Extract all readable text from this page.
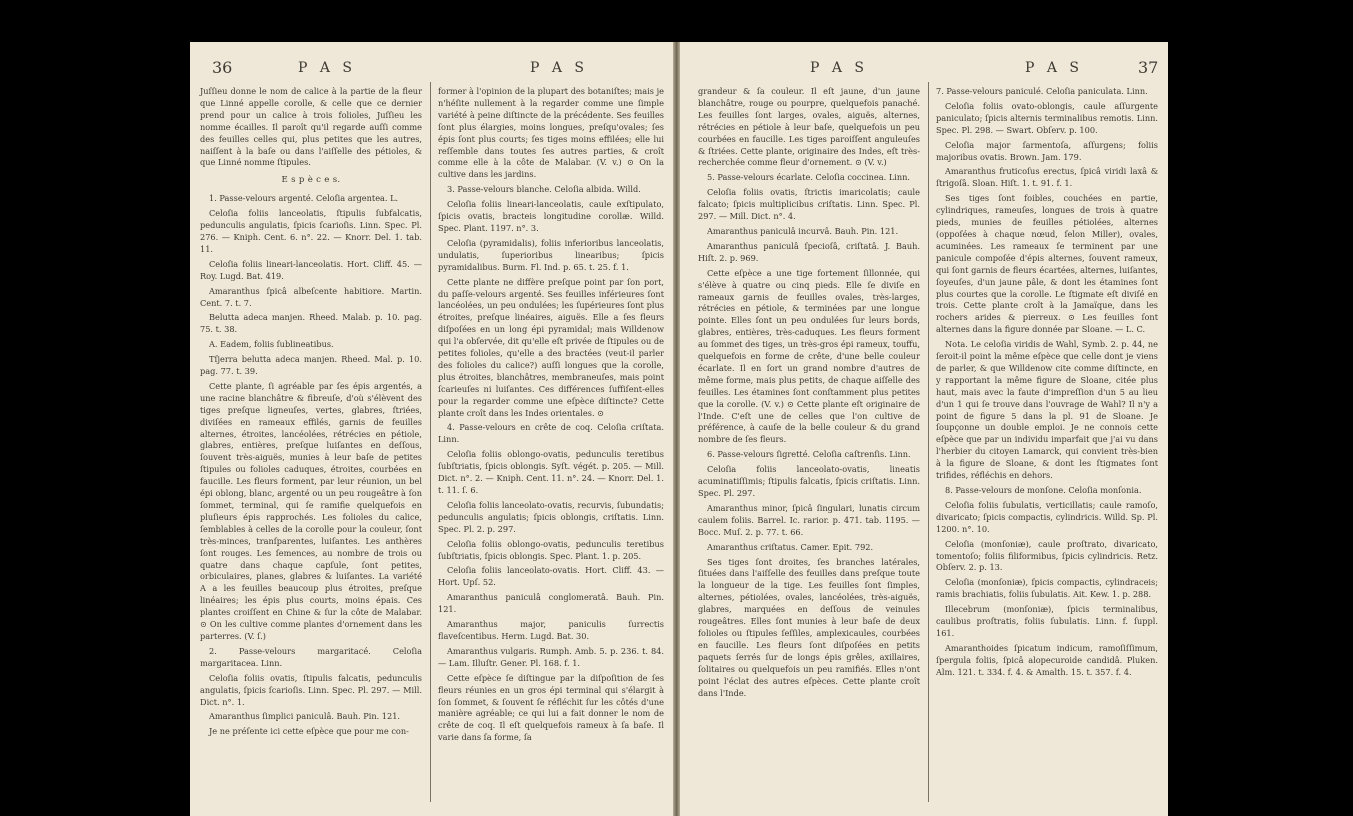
36	P A S	P A S

Juſſieu donne le nom de calice à la partie de la fleur que Linné appelle corolle, & celle que ce dernier prend pour un calice à trois folioles, Juſſieu les nomme écailles. Il paroît qu'il regarde auſſi comme des feuilles celles qui, plus petites que les autres, naiſſent à la baſe ou dans l'aiſſelle des pétioles, & que Linné nomme ſtipules.

E s p è c e s.

1. Passe-velours argenté. Celoſia argentea. L.

Celoſia foliis lanceolatis, ſtipulis ſubfalcatis, pedunculis angulatis, ſpicis ſcarioſis. Linn. Spec. Pl. 276. — Kniph. Cent. 6. n°. 22. — Knorr. Del. 1. tab. 11.

Celoſia foliis lineari-lanceolatis. Hort. Cliff. 45. — Roy. Lugd. Bat. 419.

Amaranthus ſpicâ albeſcente habitiore. Martin. Cent. 7. t. 7.

Belutta adeca manjen. Rheed. Malab. p. 10. pag. 75. t. 38.

A. Eadem, foliis ſublineatibus.

Tſjerra belutta adeca manjen. Rheed. Mal. p. 10. pag. 77. t. 39.

Cette plante, ſi agréable par ſes épis argentés, a une racine blanchâtre & fibreuſe, d'où s'élèvent des tiges preſque ligneuſes, vertes, glabres, ſtriées, diviſées en rameaux effilés, garnis de feuilles alternes, étroites, lancéolées, rétrécies en pétiole, glabres, entières, preſque luiſantes en deſſous, ſouvent très-aiguës, munies à leur baſe de petites ſtipules ou folioles caduques, étroites, courbées en faucille. Les fleurs forment, par leur réunion, un bel épi oblong, blanc, argenté ou un peu rougeâtre à ſon ſommet, terminal, qui ſe ramifie quelquefois en pluſieurs épis rapprochés. Les folioles du calice, ſemblables à celles de la corolle pour la couleur, ſont très-minces, tranſparentes, luiſantes. Les anthères ſont rouges. Les ſemences, au nombre de trois ou quatre dans chaque capſule, ſont petites, orbiculaires, planes, glabres & luiſantes. La variété A a les feuilles beaucoup plus étroites, preſque linéaires; les épis plus courts, moins épais. Ces plantes croiſſent en Chine & ſur la côte de Malabar. ⊙ On les cultive comme plantes d'ornement dans les parterres. (V. ſ.)

2. Passe-velours margaritacé. Celoſia margaritacea. Linn.

Celoſia foliis ovatis, ſtipulis falcatis, pedunculis angulatis, ſpicis ſcarioſis. Linn. Spec. Pl. 297. — Mill. Dict. n°. 1.

Amaranthus ſimplici paniculâ. Bauh. Pin. 121.

Je ne préſente ici cette eſpèce que pour me con-

former à l'opinion de la plupart des botaniſtes; mais je n'héſite nullement à la regarder comme une ſimple variété à peine diſtincte de la précédente. Ses feuilles ſont plus élargies, moins longues, preſqu'ovales; ſes épis ſont plus courts; ſes tiges moins effilées; elle lui reſſemble dans toutes ſes autres parties, & croît comme elle à la côte de Malabar. (V. v.) ⊙ On la cultive dans les jardins.

3. Passe-velours blanche. Celoſia albida. Willd.

Celoſia foliis lineari-lanceolatis, caule exſtipulato, ſpicis ovatis, bracteis longitudine corollæ. Willd. Spec. Plant. 1197. n°. 3.

Celoſia (pyramidalis), foliis inferioribus lanceolatis, undulatis, ſuperioribus linearibus; ſpicis pyramidalibus. Burm. Fl. Ind. p. 65. t. 25. f. 1.

Cette plante ne diffère preſque point par ſon port, du paſſe-velours argenté. Ses feuilles inférieures ſont lancéolées, un peu ondulées; les ſupérieures ſont plus étroites, preſque linéaires, aiguës. Elle a ſes fleurs diſpoſées en un long épi pyramidal; mais Willdenow qui l'a obſervée, dit qu'elle eſt privée de ſtipules ou de petites folioles, qu'elle a des bractées (veut-il parler des folioles du calice?) auſſi longues que la corolle, plus étroites, blanchâtres, membraneuſes, mais point ſcarieuſes ni luiſantes. Ces différences ſuffiſent-elles pour la regarder comme une eſpèce diſtincte? Cette plante croît dans les Indes orientales. ⊙

4. Passe-velours en crête de coq. Celoſia criſtata. Linn.

Celoſia foliis oblongo-ovatis, pedunculis teretibus ſubſtriatis, ſpicis oblongis. Syſt. végét. p. 205. — Mill. Dict. n°. 2. — Kniph. Cent. 11. n°. 24. — Knorr. Del. 1. t. 11. ſ. 6.

Celoſia foliis lanceolato-ovatis, recurvis, ſubundatis; pedunculis angulatis; ſpicis oblongis, criſtatis. Linn. Spec. Pl. 2. p. 297.

Celoſia foliis oblongo-ovatis, pedunculis teretibus ſubſtriatis, ſpicis oblongis. Spec. Plant. 1. p. 205.

Celoſia foliis lanceolato-ovatis. Hort. Cliff. 43. — Hort. Upſ. 52.

Amaranthus paniculâ conglomeratâ. Bauh. Pin. 121.

Amaranthus major, paniculis ſurrectis flaveſcentibus. Herm. Lugd. Bat. 30.

Amaranthus vulgaris. Rumph. Amb. 5. p. 236. t. 84. — Lam. Illuſtr. Gener. Pl. 168. f. 1.

Cette eſpèce ſe diſtingue par la diſpoſition de ſes fleurs réunies en un gros épi terminal qui s'élargit à ſon ſommet, & ſouvent ſe réfléchit ſur les côtés d'une manière agréable; ce qui lui a fait donner le nom de crête de coq. Il eſt quelquefois rameux à ſa baſe. Il varie dans ſa forme, ſa

P A S	P A S	37

grandeur & ſa couleur. Il eſt jaune, d'un jaune blanchâtre, rouge ou pourpre, quelquefois panaché. Les feuilles ſont larges, ovales, aiguës, alternes, rétrécies en pétiole à leur baſe, quelquefois un peu courbées en faucille. Les tiges paroiſſent anguleuſes & ſtriées. Cette plante, originaire des Indes, eſt très-recherchée comme fleur d'ornement. ⊙ (V. v.)

5. Passe-velours écarlate. Celoſia coccinea. Linn.

Celoſia foliis ovatis, ſtrictis imaricolatis; caule falcato; ſpicis multiplicibus criſtatis. Linn. Spec. Pl. 297. — Mill. Dict. n°. 4.

Amaranthus paniculâ incurvâ. Bauh. Pin. 121.

Amaranthus paniculâ ſpecioſâ, criſtatâ. J. Bauh. Hiſt. 2. p. 969.

Cette eſpèce a une tige fortement ſillonnée, qui s'élève à quatre ou cinq pieds. Elle ſe diviſe en rameaux garnis de feuilles ovales, très-larges, rétrécies en pétiole, & terminées par une longue pointe. Elles ſont un peu ondulées ſur leurs bords, glabres, entières, très-caduques. Les fleurs forment au ſommet des tiges, un très-gros épi rameux, touffu, quelquefois en forme de crête, d'une belle couleur écarlate. Il en ſort un grand nombre d'autres de même forme, mais plus petits, de chaque aiſſelle des feuilles. Les étamines ſont conſtamment plus petites que la corolle. (V. v.) ⊙ Cette plante eſt originaire de l'Inde. C'eſt une de celles que l'on cultive de préférence, à cauſe de la belle couleur & du grand nombre de ſes fleurs.

6. Passe-velours ſigretté. Celoſia caſtrenſis. Linn.

Celoſia foliis lanceolato-ovatis, lineatis acuminatiſſimis; ſtipulis falcatis, ſpicis criſtatis. Linn. Spec. Pl. 297.

Amaranthus minor, ſpicâ ſingulari, lunatis circum caulem foliis. Barrel. Ic. rarior. p. 471. tab. 1195. — Bocc. Muſ. 2. p. 77. t. 66.

Amaranthus criſtatus. Camer. Epit. 792.

Ses tiges ſont droites, ſes branches latérales, ſituées dans l'aiſſelle des feuilles dans preſque toute la longueur de la tige. Les feuilles ſont ſimples, alternes, pétiolées, ovales, lancéolées, très-aiguës, glabres, marquées en deſſous de veinules rougeâtres. Elles ſont munies à leur baſe de deux folioles ou ſtipules ſeſſiles, amplexicaules, courbées en faucille. Les fleurs ſont diſpoſées en petits paquets ſerrés ſur de longs épis grêles, axillaires, ſolitaires ou quelquefois un peu ramifiés. Elles n'ont point l'éclat des autres eſpèces. Cette plante croît dans l'Inde.

7. Passe-velours paniculé. Celoſia paniculata. Linn.

Celoſia foliis ovato-oblongis, caule aſſurgente paniculato; ſpicis alternis terminalibus remotis. Linn. Spec. Pl. 298. — Swart. Obſerv. p. 100.

Celoſia major ſarmentoſa, aſſurgens; foliis majoribus ovatis. Brown. Jam. 179.

Amaranthus fruticoſus erectus, ſpicâ viridi laxâ & ſtrigoſâ. Sloan. Hiſt. 1. t. 91. f. 1.

Ses tiges ſont foibles, couchées en partie, cylindriques, rameuſes, longues de trois à quatre pieds, munies de feuilles pétiolées, alternes (oppoſées à chaque nœud, ſelon Miller), ovales, acuminées. Les rameaux ſe terminent par une panicule compoſée d'épis alternes, ſouvent rameux, qui ſont garnis de fleurs écartées, alternes, luiſantes, ſoyeuſes, d'un jaune pâle, & dont les étamines ſont plus courtes que la corolle. Le ſtigmate eſt diviſé en trois. Cette plante croît à la Jamaïque, dans les rochers arides & pierreux. ⊙ Les feuilles ſont alternes dans la figure donnée par Sloane. — L. C.

Nota. Le celoſia viridis de Wahl, Symb. 2. p. 44, ne ſeroit-il point la même eſpèce que celle dont je viens de parler, & que Willdenow cite comme diſtincte, en y rapportant la même figure de Sloane, citée plus haut, mais avec la faute d'impreſſion d'un 5 au lieu d'un 1 qui ſe trouve dans l'ouvrage de Wahl? Il n'y a point de figure 5 dans la pl. 91 de Sloane. Je ſoupçonne un double emploi. Je ne connois cette eſpèce que par un individu imparfait que j'ai vu dans l'herbier du citoyen Lamarck, qui convient très-bien à la figure de Sloane, & dont les ſtigmates ſont trifides, réfléchis en dehors.

8. Passe-velours de monſone. Celoſia monſonia.

Celoſia foliis ſubulatis, verticillatis; caule ramoſo, divaricato; ſpicis compactis, cylindricis. Willd. Sp. Pl. 1200. n°. 10.

Celoſia (monſoniæ), caule proſtrato, divaricato, tomentoſo; foliis filiformibus, ſpicis cylindricis. Retz. Obſerv. 2. p. 13.

Celoſia (monſoniæ), ſpicis compactis, cylindraceis; ramis brachiatis, foliis ſubulatis. Ait. Kew. 1. p. 288.

Illecebrum (monſoniæ), ſpicis terminalibus, caulibus proſtratis, foliis ſubulatis. Linn. f. ſuppl. 161.

Amaranthoides ſpicatum indicum, ramoſiſſimum, ſpergula foliis, ſpicâ alopecuroide candidâ. Pluken. Alm. 121. t. 334. f. 4. & Amalth. 15. t. 357. f. 4.
